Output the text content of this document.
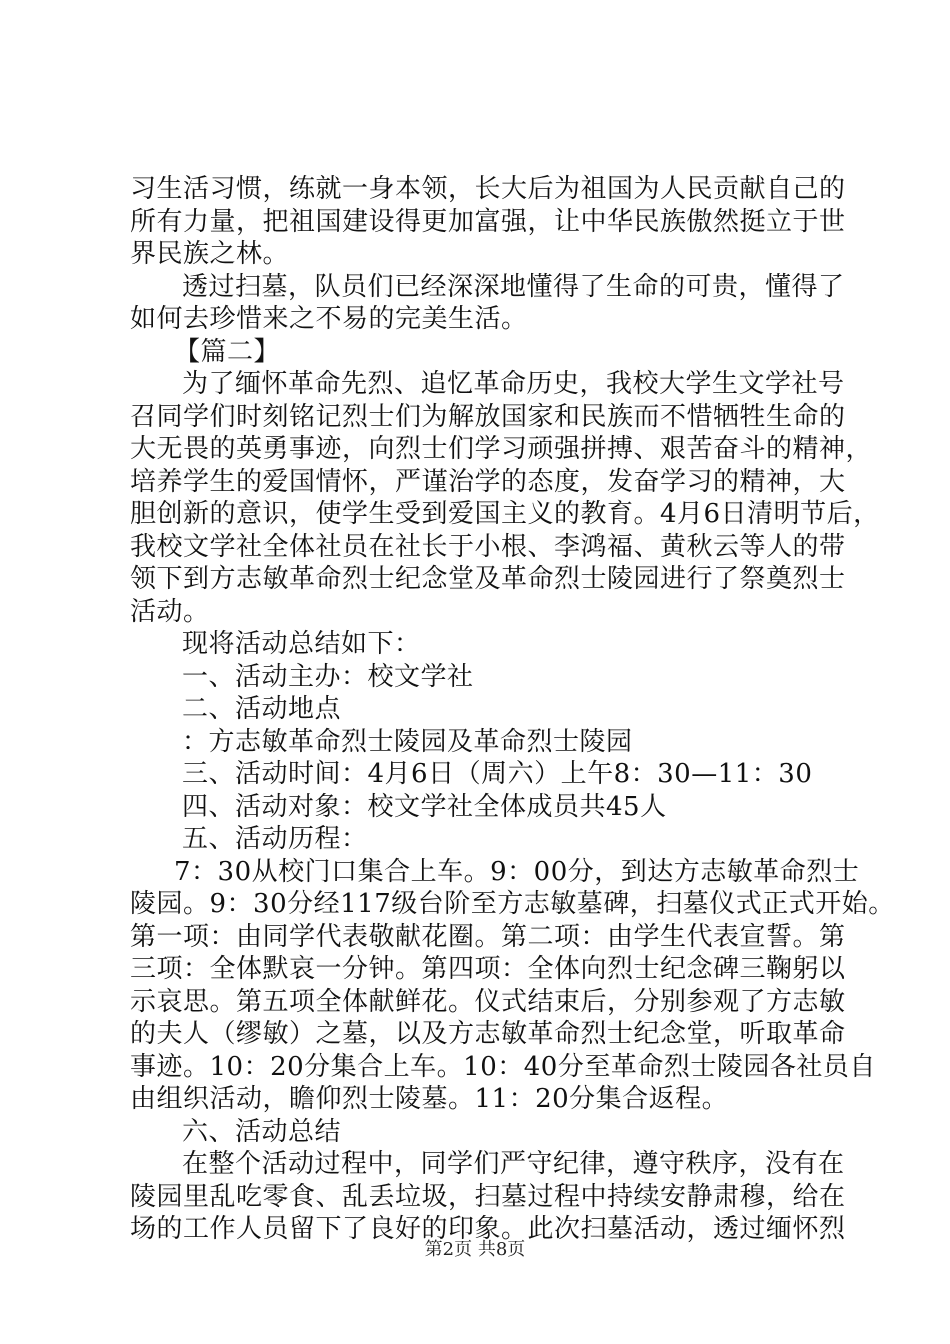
习生活习惯，练就一身本领，长大后为祖国为人民贡献自己的
所有力量，把祖国建设得更加富强，让中华民族傲然挺立于世
界民族之林。
透过扫墓，队员们已经深深地懂得了生命的可贵，懂得了
如何去珍惜来之不易的完美生活。
【篇二】
为了缅怀革命先烈、追忆革命历史，我校大学生文学社号
召同学们时刻铭记烈士们为解放国家和民族而不惜牺牲生命的
大无畏的英勇事迹，向烈士们学习顽强拼搏、艰苦奋斗的精神，
培养学生的爱国情怀，严谨治学的态度，发奋学习的精神，大
胆创新的意识，使学生受到爱国主义的教育。4月6日清明节后，
我校文学社全体社员在社长于小根、李鸿福、黄秋云等人的带
领下到方志敏革命烈士纪念堂及革命烈士陵园进行了祭奠烈士
活动。
现将活动总结如下：
一、活动主办：校文学社
二、活动地点
：方志敏革命烈士陵园及革命烈士陵园
三、活动时间：4月6日（周六）上午8：30—11：30
四、活动对象：校文学社全体成员共45人
五、活动历程：
7：30从校门口集合上车。9：00分，到达方志敏革命烈士
陵园。9：30分经117级台阶至方志敏墓碑，扫墓仪式正式开始。
第一项：由同学代表敬献花圈。第二项：由学生代表宣誓。第
三项：全体默哀一分钟。第四项：全体向烈士纪念碑三鞠躬以
示哀思。第五项全体献鲜花。仪式结束后，分别参观了方志敏
的夫人（缪敏）之墓，以及方志敏革命烈士纪念堂，听取革命
事迹。10：20分集合上车。10：40分至革命烈士陵园各社员自
由组织活动，瞻仰烈士陵墓。11：20分集合返程。
六、活动总结
在整个活动过程中，同学们严守纪律，遵守秩序，没有在
陵园里乱吃零食、乱丢垃圾，扫墓过程中持续安静肃穆，给在
场的工作人员留下了良好的印象。此次扫墓活动，透过缅怀烈
第2页 共8页
